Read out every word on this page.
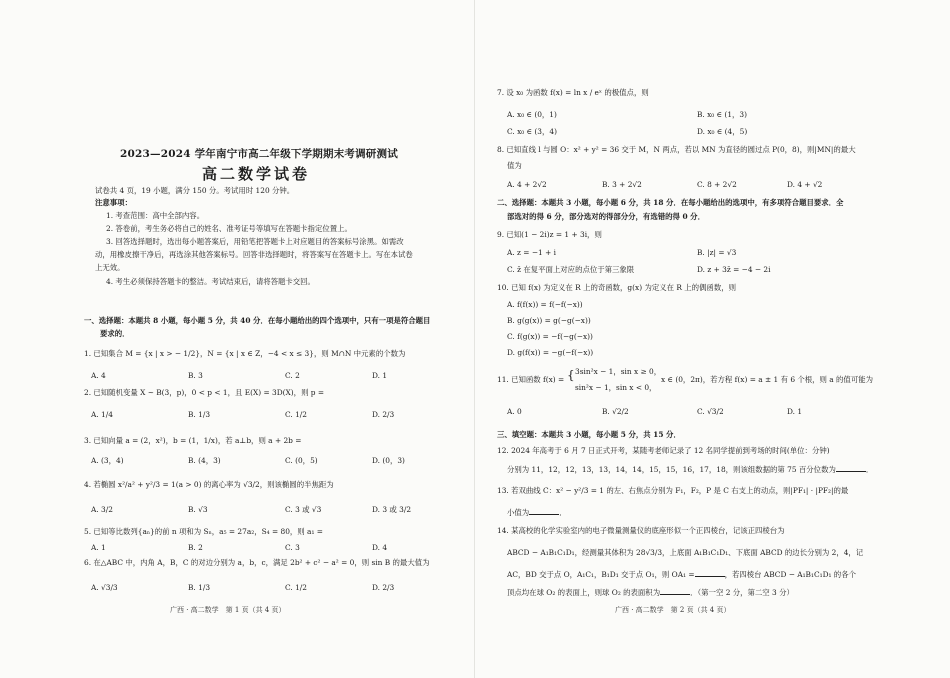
2023—2024 学年南宁市高二年级下学期期末考调研测试
高二数学试卷
试卷共 4 页，19 小题，满分 150 分。考试用时 120 分钟。
注意事项：
1. 考查范围：高中全部内容。
2. 答卷前，考生务必将自己的姓名、准考证号等填写在答题卡指定位置上。
3. 回答选择题时，选出每小题答案后，用铅笔把答题卡上对应题目的答案标号涂黑。如需改
动，用橡皮擦干净后，再选涂其他答案标号。回答非选择题时，将答案写在答题卡上。写在本试卷
上无效。
4. 考生必须保持答题卡的整洁。考试结束后，请将答题卡交回。
一、选择题：本题共 8 小题，每小题 5 分，共 40 分．在每小题给出的四个选项中，只有一项是符合题目
要求的．
1. 已知集合 M = {x | x > − 1/2}，N = {x | x ∈ Z，−4 < x ≤ 3}，则 M∩N 中元素的个数为
A. 4	B. 3	C. 2	D. 1
2. 已知随机变量 X ~ B(3，p)，0 < p < 1，且 E(X) = 3D(X)，则 p =
A. 1/4	B. 1/3	C. 1/2	D. 2/3
3. 已知向量 a = (2，x²)，b = (1，1/x)，若 a⊥b，则 a + 2b =
A. (3，4)	B. (4，3)	C. (0，5)	D. (0，3)
4. 若椭圆 x²/a² + y²/3 = 1(a > 0) 的离心率为 √3/2，则该椭圆的半焦距为
A. 3/2	B. √3	C. 3 或 √3	D. 3 或 3/2
5. 已知等比数列{aₙ}的前 n 项和为 Sₙ，a₅ = 27a₂，S₄ = 80，则 a₁ =
A. 1	B. 2	C. 3	D. 4
6. 在△ABC 中，内角 A，B，C 的对边分别为 a，b，c，满足 2b² + c² − a² = 0，则 sin B 的最大值为
A. √3/3	B. 1/3	C. 1/2	D. 2/3
广西 · 高二数学　第 1 页（共 4 页）
7. 设 x₀ 为函数 f(x) = ln x / eˣ 的极值点，则
A. x₀ ∈ (0，1)	B. x₀ ∈ (1，3)
C. x₀ ∈ (3，4)	D. x₀ ∈ (4，5)
8. 已知直线 l 与圆 O：x² + y² = 36 交于 M，N 两点，若以 MN 为直径的圆过点 P(0，8)，则|MN|的最大
值为
A. 4 + 2√2	B. 3 + 2√2	C. 8 + 2√2	D. 4 + √2
二、选择题：本题共 3 小题，每小题 6 分，共 18 分．在每小题给出的选项中，有多项符合题目要求．全
部选对的得 6 分，部分选对的得部分分，有选错的得 0 分．
9. 已知(1 − 2i)z = 1 + 3i，则
A. z = −1 + i	B. |z| = √3
C. z̄ 在复平面上对应的点位于第三象限	D. z + 3z̄ = −4 − 2i
10. 已知 f(x) 为定义在 R 上的奇函数，g(x) 为定义在 R 上的偶函数，则
A. f(f(x)) = f(−f(−x))
B. g(g(x)) = g(−g(−x))
C. f(g(x)) = −f(−g(−x))
D. g(f(x)) = −g(−f(−x))
11. 已知函数 f(x) = { 3sin²x − 1，sin x ≥ 0，
sin²x − 1，sin x < 0，
x ∈ (0，2π)，若方程 f(x) = a ± 1 有 6 个根，则 a 的值可能为
A. 0	B. √2/2	C. √3/2	D. 1
三、填空题：本题共 3 小题，每小题 5 分，共 15 分．
12. 2024 年高考于 6 月 7 日正式开考，某随考老师记录了 12 名同学提前到考场的时间(单位：分钟)
分别为 11，12，12，13，13，14，14，15，15，16，17，18，则该组数据的第 75 百分位数为	．
13. 若双曲线 C：x² − y²/3 = 1 的左、右焦点分别为 F₁，F₂，P 是 C 右支上的动点，则|PF₁| · |PF₂|的最
小值为	．
14. 某高校的化学实验室内的电子微量测量仪的底座形似一个正四棱台，记该正四棱台为
ABCD − A₁B₁C₁D₁，经测量其体积为 28√3/3，上底面 A₁B₁C₁D₁、下底面 ABCD 的边长分别为 2，4，记
AC，BD 交于点 O，A₁C₁，B₁D₁ 交于点 O₁，则 OA₁ =	，若四棱台 ABCD − A₁B₁C₁D₁ 的各个
顶点均在球 O₂ 的表面上，则球 O₂ 的表面积为	．（第一空 2 分，第二空 3 分）
广西 · 高二数学　第 2 页（共 4 页）
